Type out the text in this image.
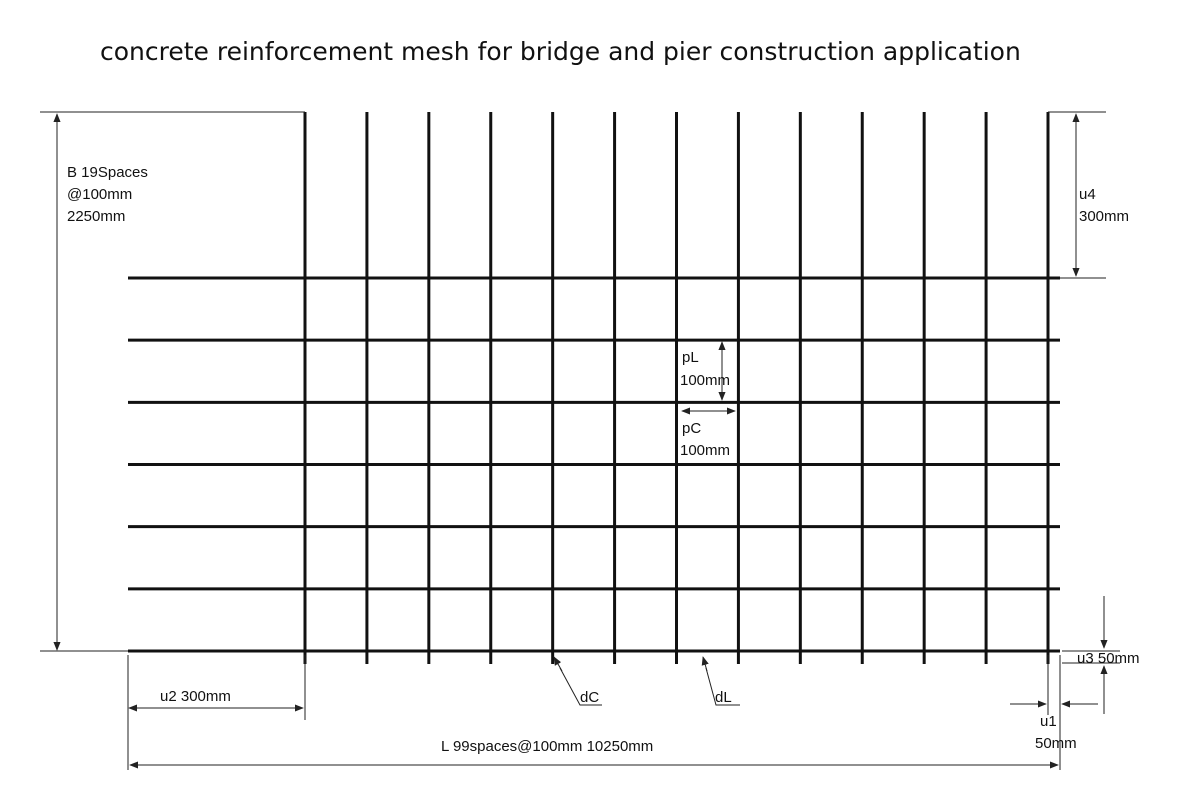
concrete reinforcement mesh for bridge and pier construction application
B 19Spaces
@100mm
2250mm
u4
300mm
pL
100mm
pC
100mm
u3 50mm
u2 300mm	dC	dL
u1
50mm
L 99spaces@100mm 10250mm
